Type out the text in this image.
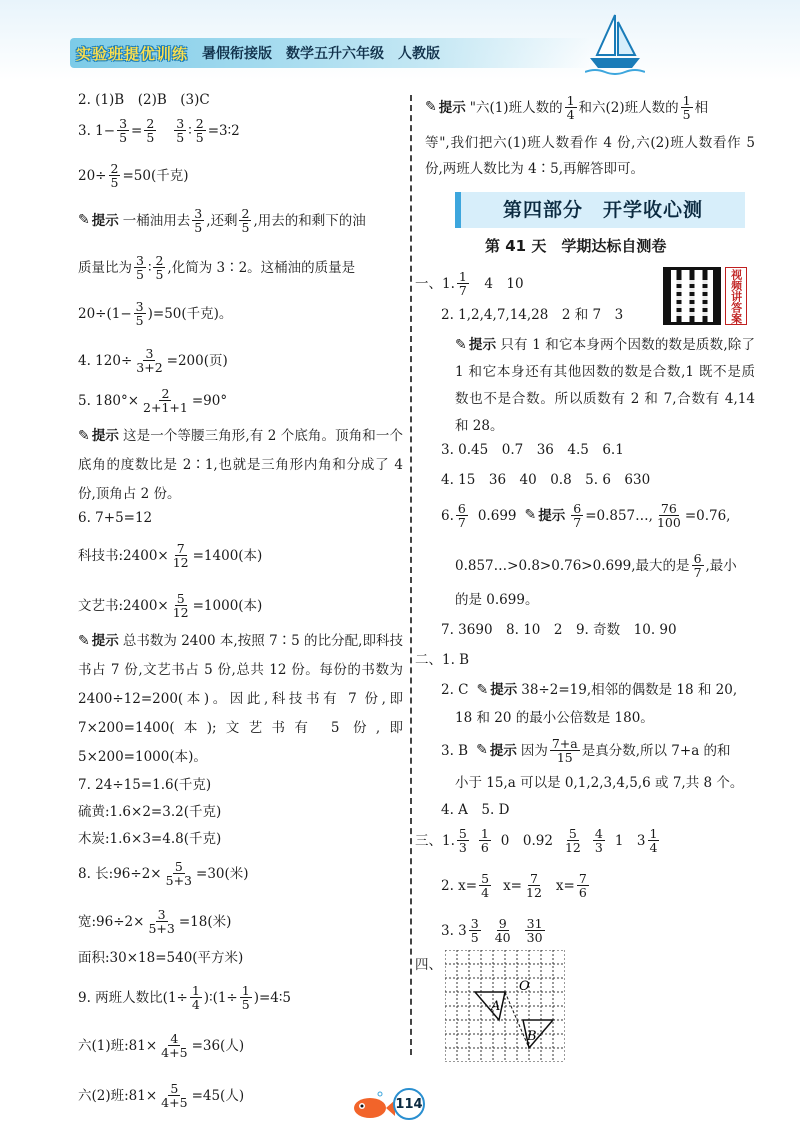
实验班提优训练 暑假衔接版 数学五升六年级 人教版
2. (1)B　(2)B　(3)C
3. $1- \frac{3}{5} = \frac{2}{5} \frac{3}{5}$ ∶ $\frac{2}{5}$ =3∶2
$20\div \frac{2}{5} =50$(千克)
✎ 提示 一桶油用去 $\frac{3}{5}$ ,还剩 $\frac{2}{5}$ ,用去的和剩下的油
质量比为 $\frac{3}{5}$ ∶ $\frac{2}{5}$ ,化简为 3∶2。这桶油的质量是
$20\div(1- \frac{3}{5} )=50$(千克)。
4. $120\div \frac{3}{3+2} =200$(页)
5. $180^\circ\times \frac{2}{2+1+1} =90^\circ$
✎ 提示 这是一个等腰三角形,有 2 个底角。顶角和一个底角的度数比是 2∶1,也就是三角形内角和分成了 4 份,顶角占 2 份。
6. 7+5=12
科技书:2400× $\frac{7}{12} =1400$(本)
文艺书:2400× $\frac{5}{12} =1000$(本)
✎ 提示 总书数为 2400 本,按照 7∶5 的比分配,即科技书占 7 份,文艺书占 5 份,总共 12 份。每份的书数为 2400÷12=200(本)。因此,科技书有 7 份,即 7×200=1400(本);文艺书有 5 份,即 5×200=1000(本)。
7. 24÷15=1.6(千克)
硫黄:1.6×2=3.2(千克)
木炭:1.6×3=4.8(千克)
8. 长:96÷2× $\frac{5}{5+3} =30$(米)
宽:96÷2× $\frac{3}{5+3} =18$(米)
面积:30×18=540(平方米)
9. 两班人数比($1\div \frac{1}{4}$ )∶(1÷ $\frac{1}{5}$ )=4∶5
六(1)班:81× $\frac{4}{4+5} =36$(人)
六(2)班:81× $\frac{5}{4+5} =45$(人)
✎ 提示 "六(1)班人数的 $\frac{1}{4}$ 和六(2)班人数的 $\frac{1}{5}$ 相
等",我们把六(1)班人数看作 4 份,六(2)班人数看作 5 份,两班人数比为 4∶5,再解答即可。
第四部分　开学收心测
第 41 天　学期达标自测卷
视频讲答案
一、1. $\frac{1}{7}$ 　4　10
2. 1,2,4,7,14,28　2 和 7　3
✎ 提示 只有 1 和它本身两个因数的数是质数,除了 1 和它本身还有其他因数的数是合数,1 既不是质数也不是合数。所以质数有 2 和 7,合数有 4,14 和 28。
3. 0.45　0.7　36　4.5　6.1
4. 15　36　40　0.8　5. 6　630
6. $\frac{6}{7} 0.699$ ✎ 提示 $\frac{6}{7}$ =0.857…, $\frac{76}{100} =0.76$,
0.857…>0.8>0.76>0.699,最大的是 $\frac{6}{7}$ ,最小
的是 0.699。
7. 3690　8. 10　2　9. 奇数　10. 90
二、1. B
2. C ✎ 提示 38÷2=19,相邻的偶数是 18 和 20,
18 和 20 的最小公倍数是 180。
3. B ✎ 提示 因为 $\frac{7+a}{15}$ 是真分数,所以 7+a 的和
小于 15,a 可以是 0,1,2,3,4,5,6 或 7,共 8 个。
4. A　5. D
三、1. $\frac{5}{3} \frac{1}{6} 0$　$0.92 \frac{5}{12} \frac{4}{3} 1$　$3 \frac{1}{4}$
2. $x= \frac{5}{4} x= \frac{7}{12} x= \frac{7}{6}$
3. $3 \frac{3}{5} \frac{9}{40} \frac{31}{30}$
四、
O
A
B
114
